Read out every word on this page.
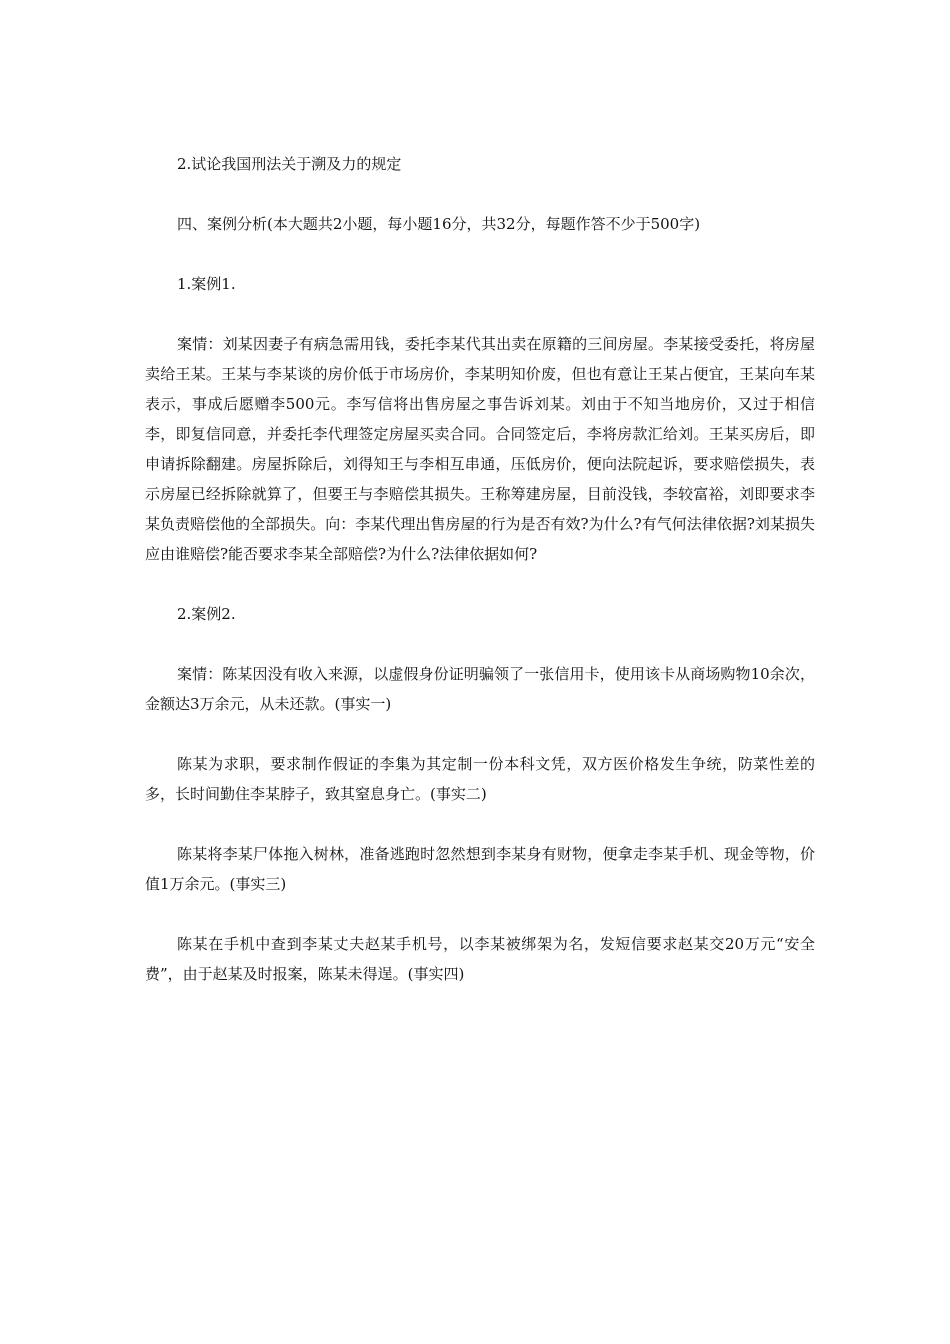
2.试论我国刑法关于溯及力的规定

四、案例分析(本大题共2小题，每小题16分，共32分，每题作答不少于500字)

1.案例1.

案情：刘某因妻子有病急需用钱，委托李某代其出卖在原籍的三间房屋。李某接受委托，将房屋卖给王某。王某与李某谈的房价低于市场房价，李某明知价废，但也有意让王某占便宜，王某向车某表示，事成后愿赠李500元。李写信将出售房屋之事告诉刘某。刘由于不知当地房价，又过于相信李，即复信同意，并委托李代理签定房屋买卖合同。合同签定后，李将房款汇给刘。王某买房后，即申请拆除翻建。房屋拆除后，刘得知王与李相互串通，压低房价，便向法院起诉，要求赔偿损失，表示房屋已经拆除就算了，但要王与李赔偿其损失。王称筹建房屋，目前没钱，李较富裕，刘即要求李某负责赔偿他的全部损失。向：李某代理出售房屋的行为是否有效?为什么?有气何法律依据?刘某损失应由谁赔偿?能否要求李某全部赔偿?为什么?法律依据如何?

2.案例2.

案情：陈某因没有收入来源，以虚假身份证明骗领了一张信用卡，使用该卡从商场购物10余次，金额达3万余元，从未还款。(事实一)

陈某为求职，要求制作假证的李集为其定制一份本科文凭，双方医价格发生争统，防菜性差的多，长时间勤住李某脖子，致其窒息身亡。(事实二)

陈某将李某尸体拖入树林，准备逃跑时忽然想到李某身有财物，便拿走李某手机、现金等物，价值1万余元。(事实三)

陈某在手机中查到李某丈夫赵某手机号，以李某被绑架为名，发短信要求赵某交20万元“安全费”，由于赵某及时报案，陈某未得逞。(事实四)
